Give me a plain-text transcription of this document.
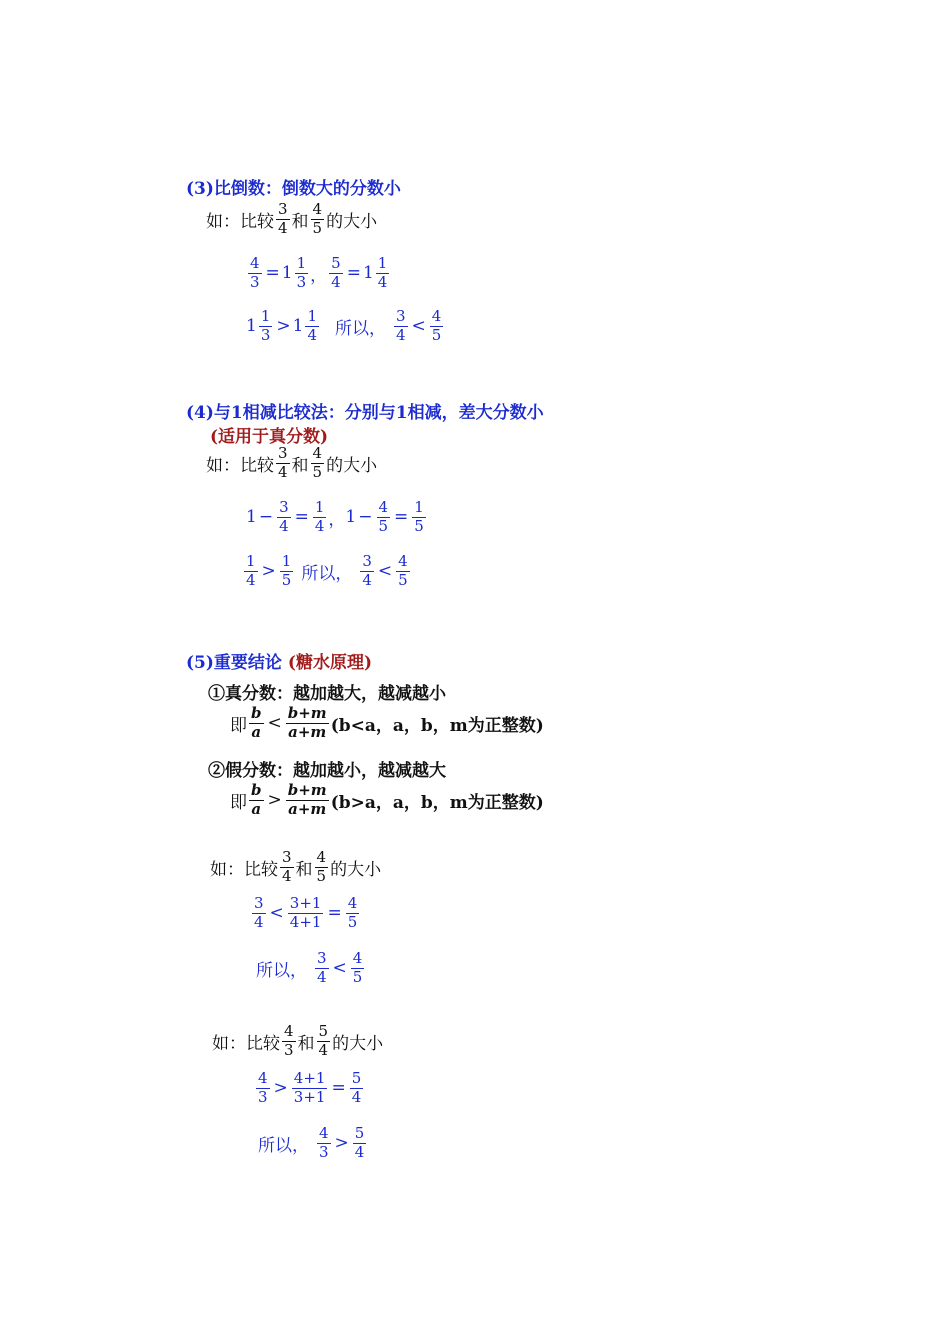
(3)比倒数：倒数大的分数小
如：比较 $\frac{3}{4}$ 和 $\frac{4}{5}$ 的大小
$\frac{4}{3} = 1 \frac{1}{3}$ ， $\frac{5}{4} = 1 \frac{1}{4}$
$1 \frac{1}{3} > 1 \frac{1}{4}$ 所以， $\frac{3}{4} < \frac{4}{5}$
(4)与1相减比较法：分别与1相减，差大分数小
(适用于真分数)
如：比较 $\frac{3}{4}$ 和 $\frac{4}{5}$ 的大小
$1 - \frac{3}{4} = \frac{1}{4}$ ， $1 - \frac{4}{5} = \frac{1}{5}$
$\frac{1}{4} > \frac{1}{5}$ 所以， $\frac{3}{4} < \frac{4}{5}$
(5)重要结论 (糖水原理)
①真分数：越加越大，越减越小
即 $\frac{b}{a} < \frac{b+m}{a+m} (b<a$，a，b，m为正整数)
②假分数：越加越小，越减越大
即 $\frac{b}{a} > \frac{b+m}{a+m} (b>a$，a，b，m为正整数)
如：比较 $\frac{3}{4}$ 和 $\frac{4}{5}$ 的大小
$\frac{3}{4} < \frac{3+1}{4+1} = \frac{4}{5}$
所以， $\frac{3}{4} < \frac{4}{5}$
如：比较 $\frac{4}{3}$ 和 $\frac{5}{4}$ 的大小
$\frac{4}{3} > \frac{4+1}{3+1} = \frac{5}{4}$
所以， $\frac{4}{3} > \frac{5}{4}$
